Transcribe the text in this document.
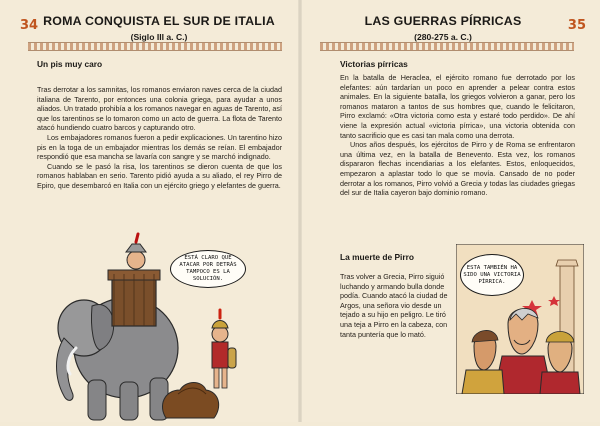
34 ROMA CONQUISTA EL SUR DE ITALIA
(Siglo III a. C.)
Un pis muy caro

Tras derrotar a los samnitas, los romanos enviaron naves cerca de la ciudad italiana de Tarento, por entonces una colonia griega, para ayudar a unos aliados. Un tratado prohibía a los romanos navegar en aguas de Tarento, así que los tarentinos se lo tomaron como un acto de guerra. La flota de Tarento atacó hundiendo cuatro barcos y capturando otro.

Los embajadores romanos fueron a pedir explicaciones. Un tarentino hizo pis en la toga de un embajador mientras los demás se reían. El embajador respondió que esa mancha se lavaría con sangre y se marchó indignado.

Cuando se le pasó la risa, los tarentinos se dieron cuenta de que los romanos hablaban en serio. Tarento pidió ayuda a su aliado, el rey Pirro de Epiro, que desembarcó en Italia con un ejército griego y elefantes de guerra.

ESTÁ CLARO QUE ATACAR POR DETRÁS TAMPOCO ES LA SOLUCIÓN.
35
LAS GUERRAS PÍRRICAS
(280-275 a. C.)
Victorias pírricas

En la batalla de Heraclea, el ejército romano fue derrotado por los elefantes: aún tardarían un poco en aprender a pelear contra estos animales. En la siguiente batalla, los griegos volvieron a ganar, pero los romanos mataron a tantos de sus hombres que, cuando le felicitaron, Pirro exclamó: «Otra victoria como esta y estaré todo perdido». De ahí viene la expresión actual «victoria pírrica», una victoria obtenida con tanto sacrificio que es casi tan mala como una derrota.

Unos años después, los ejércitos de Pirro y de Roma se enfrentaron una última vez, en la batalla de Benevento. Esta vez, los romanos dispararon flechas incendiarias a los elefantes. Estos, enloquecidos, empezaron a aplastar todo lo que se movía. Cansado de no poder derrotar a los romanos, Pirro volvió a Grecia y todas las ciudades griegas del sur de Italia cayeron bajo dominio romano.

La muerte de Pirro

Tras volver a Grecia, Pirro siguió luchando y armando bulla donde podía. Cuando atacó la ciudad de Argos, una señora vio desde un tejado a su hijo en peligro. Le tiró una teja a Pirro en la cabeza, con tanta puntería que lo mató.

ESTA TAMBIÉN HA SIDO UNA VICTORIA PÍRRICA.
